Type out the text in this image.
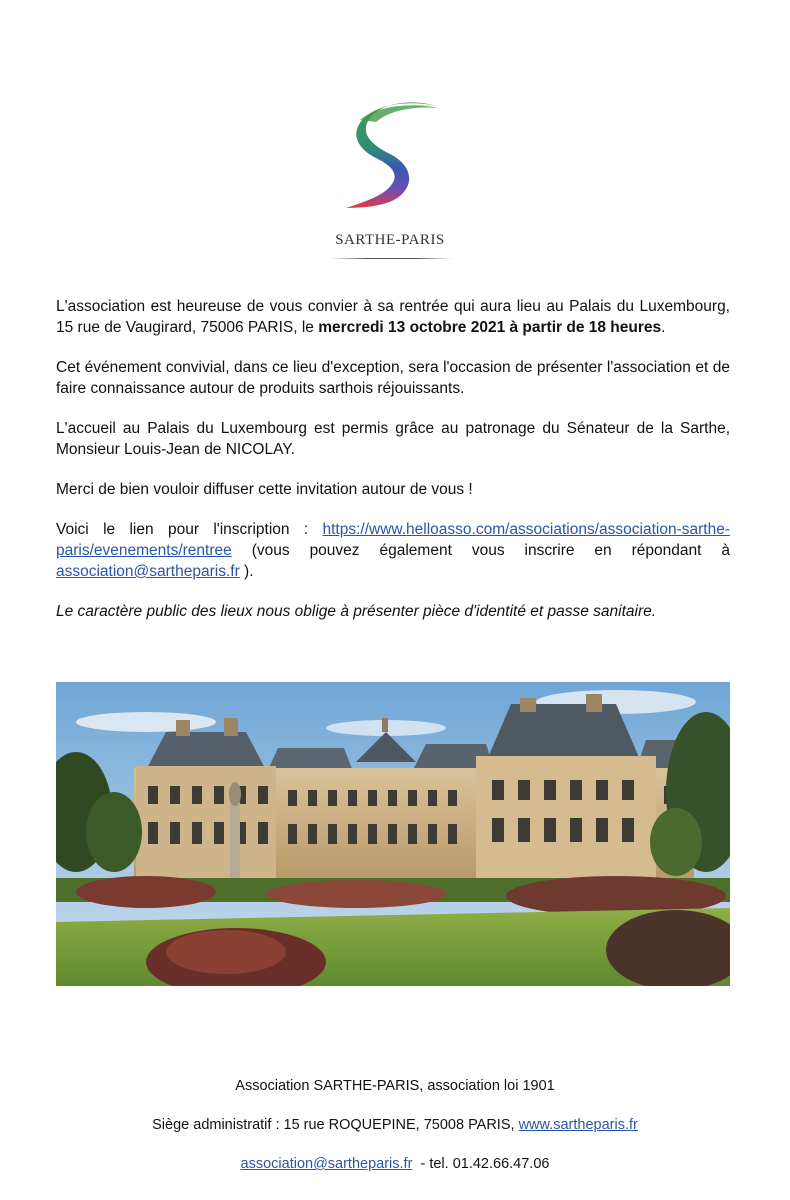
SARTHE-PARIS

L'association est heureuse de vous convier à sa rentrée qui aura lieu au Palais du Luxembourg, 15 rue de Vaugirard, 75006 PARIS, le mercredi 13 octobre 2021 à partir de 18 heures.

Cet événement convivial, dans ce lieu d'exception, sera l'occasion de présenter l'association et de faire connaissance autour de produits sarthois réjouissants.

L'accueil au Palais du Luxembourg est permis grâce au patronage du Sénateur de la Sarthe, Monsieur Louis-Jean de NICOLAY.

Merci de bien vouloir diffuser cette invitation autour de vous !

Voici le lien pour l'inscription : https://www.helloasso.com/associations/association-sarthe-paris/evenements/rentree (vous pouvez également vous inscrire en répondant à association@sartheparis.fr ).

Le caractère public des lieux nous oblige à présenter pièce d'identité et passe sanitaire.

Association SARTHE-PARIS, association loi 1901
Siège administratif : 15 rue ROQUEPINE, 75008 PARIS, www.sartheparis.fr
association@sartheparis.fr  - tel. 01.42.66.47.06
